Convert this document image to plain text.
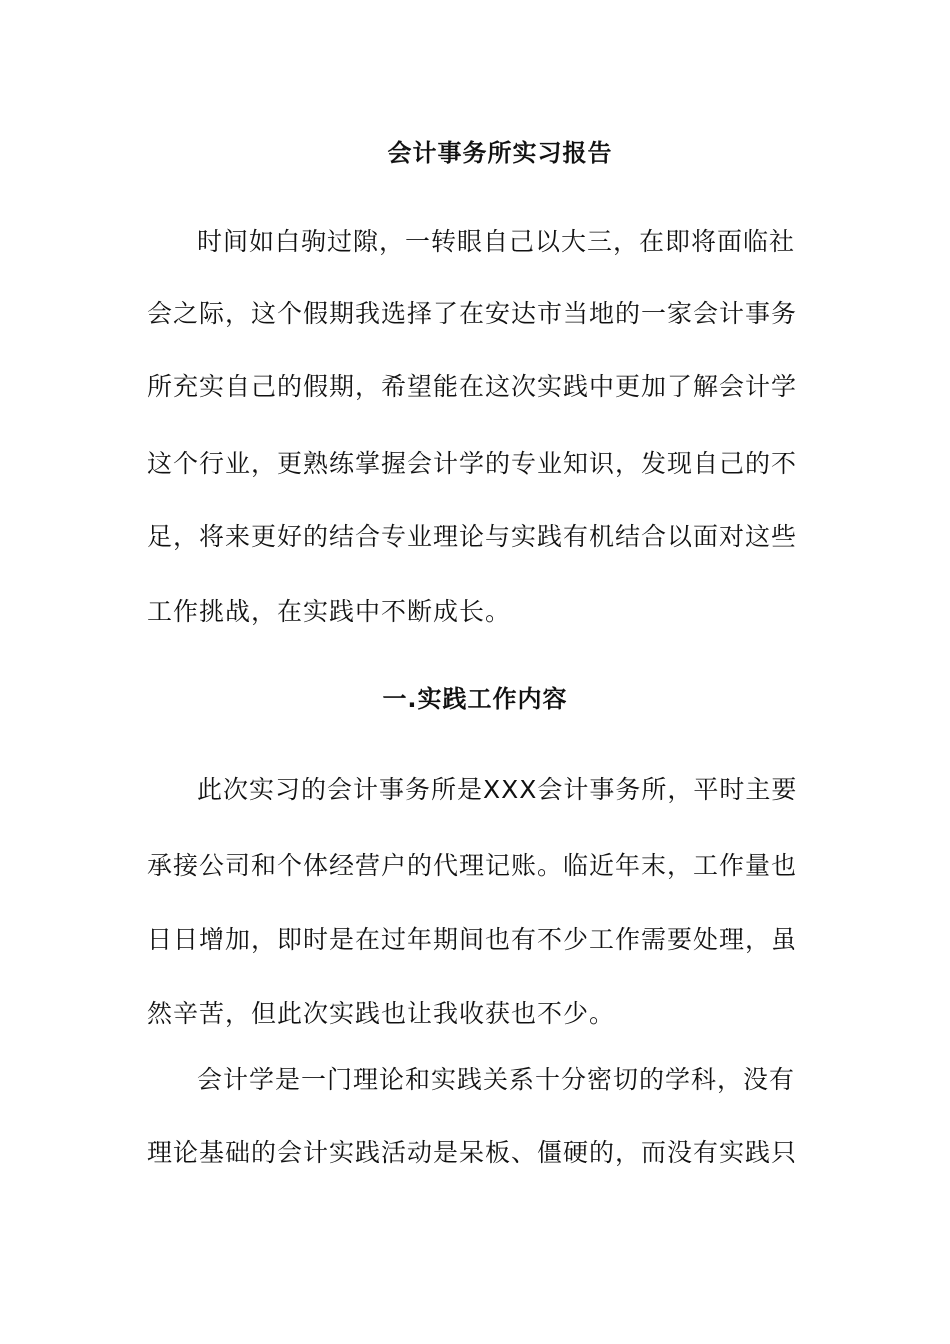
会计事务所实习报告
时间如白驹过隙，一转眼自己以大三，在即将面临社
会之际，这个假期我选择了在安达市当地的一家会计事务
所充实自己的假期，希望能在这次实践中更加了解会计学
这个行业，更熟练掌握会计学的专业知识，发现自己的不
足，将来更好的结合专业理论与实践有机结合以面对这些
工作挑战，在实践中不断成长。
一.实践工作内容
此次实习的会计事务所是XXX会计事务所，平时主要
承接公司和个体经营户的代理记账。临近年末，工作量也
日日增加，即时是在过年期间也有不少工作需要处理，虽
然辛苦，但此次实践也让我收获也不少。
会计学是一门理论和实践关系十分密切的学科，没有
理论基础的会计实践活动是呆板、僵硬的，而没有实践只
